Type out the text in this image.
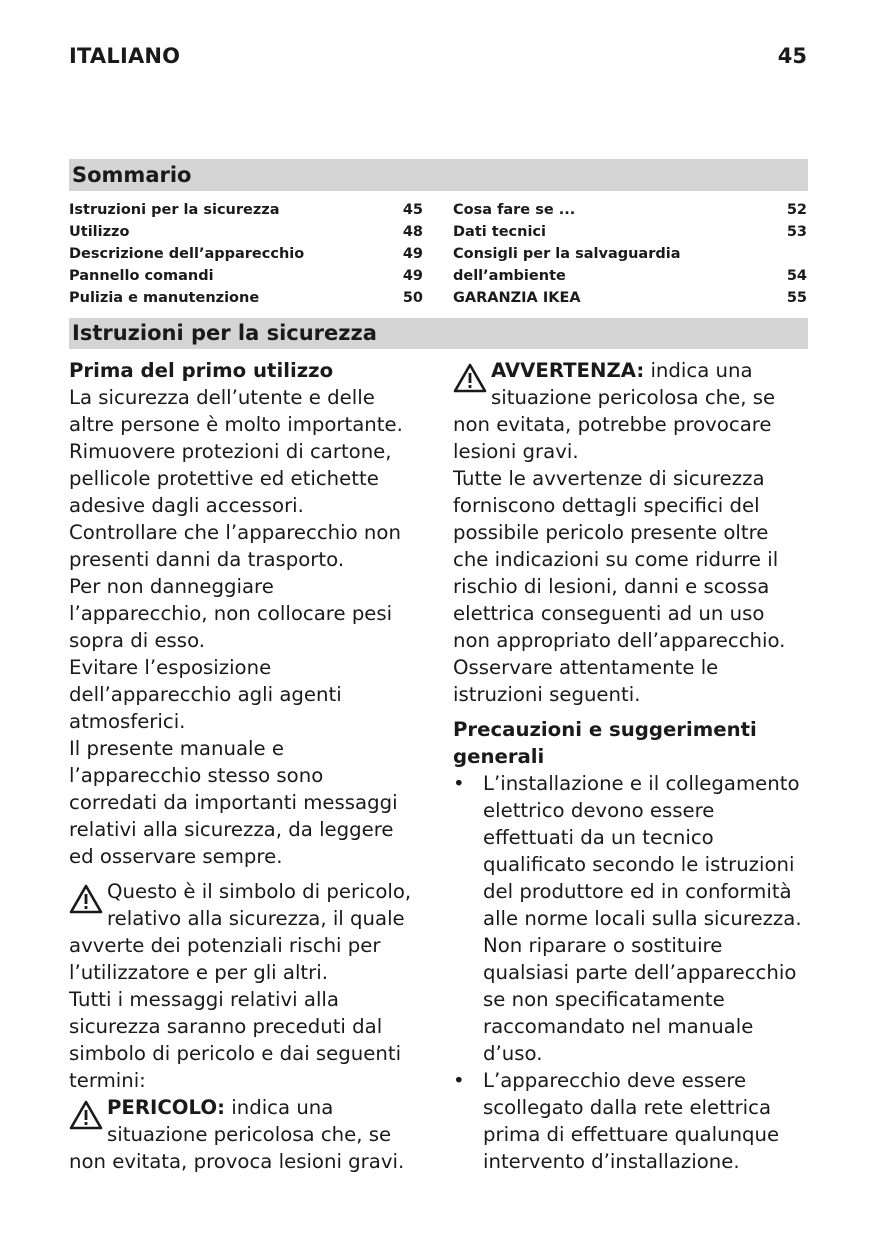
ITALIANO	45
Sommario
Istruzioni per la sicurezza	45
Utilizzo	48
Descrizione dell’apparecchio	49
Pannello comandi	49
Pulizia e manutenzione	50
Cosa fare se ...	52
Dati tecnici	53
Consigli per la salvaguardia
dell’ambiente	54
GARANZIA IKEA	55
Istruzioni per la sicurezza

Prima del primo utilizzo

La sicurezza dell’utente e delle
altre persone è molto importante.
Rimuovere protezioni di cartone,
pellicole protettive ed etichette
adesive dagli accessori.
Controllare che l’apparecchio non
presenti danni da trasporto.
Per non danneggiare
l’apparecchio, non collocare pesi
sopra di esso.
Evitare l’esposizione
dell’apparecchio agli agenti
atmosferici.
Il presente manuale e
l’apparecchio stesso sono
corredati da importanti messaggi
relativi alla sicurezza, da leggere
ed osservare sempre.
Questo è il simbolo di pericolo,
relativo alla sicurezza, il quale
avverte dei potenziali rischi per
l’utilizzatore e per gli altri.
Tutti i messaggi relativi alla
sicurezza saranno preceduti dal
simbolo di pericolo e dai seguenti
termini:
PERICOLO: indica una
situazione pericolosa che, se
non evitata, provoca lesioni gravi.
AVVERTENZA: indica una
situazione pericolosa che, se
non evitata, potrebbe provocare
lesioni gravi.
Tutte le avvertenze di sicurezza
forniscono dettagli specifici del
possibile pericolo presente oltre
che indicazioni su come ridurre il
rischio di lesioni, danni e scossa
elettrica conseguenti ad un uso
non appropriato dell’apparecchio.
Osservare attentamente le
istruzioni seguenti.
Precauzioni e suggerimenti
generali
• L’installazione e il collegamento
elettrico devono essere
effettuati da un tecnico
qualificato secondo le istruzioni
del produttore ed in conformità
alle norme locali sulla sicurezza.
Non riparare o sostituire
qualsiasi parte dell’apparecchio
se non specificatamente
raccomandato nel manuale
d’uso.
• L’apparecchio deve essere
scollegato dalla rete elettrica
prima di effettuare qualunque
intervento d’installazione.
